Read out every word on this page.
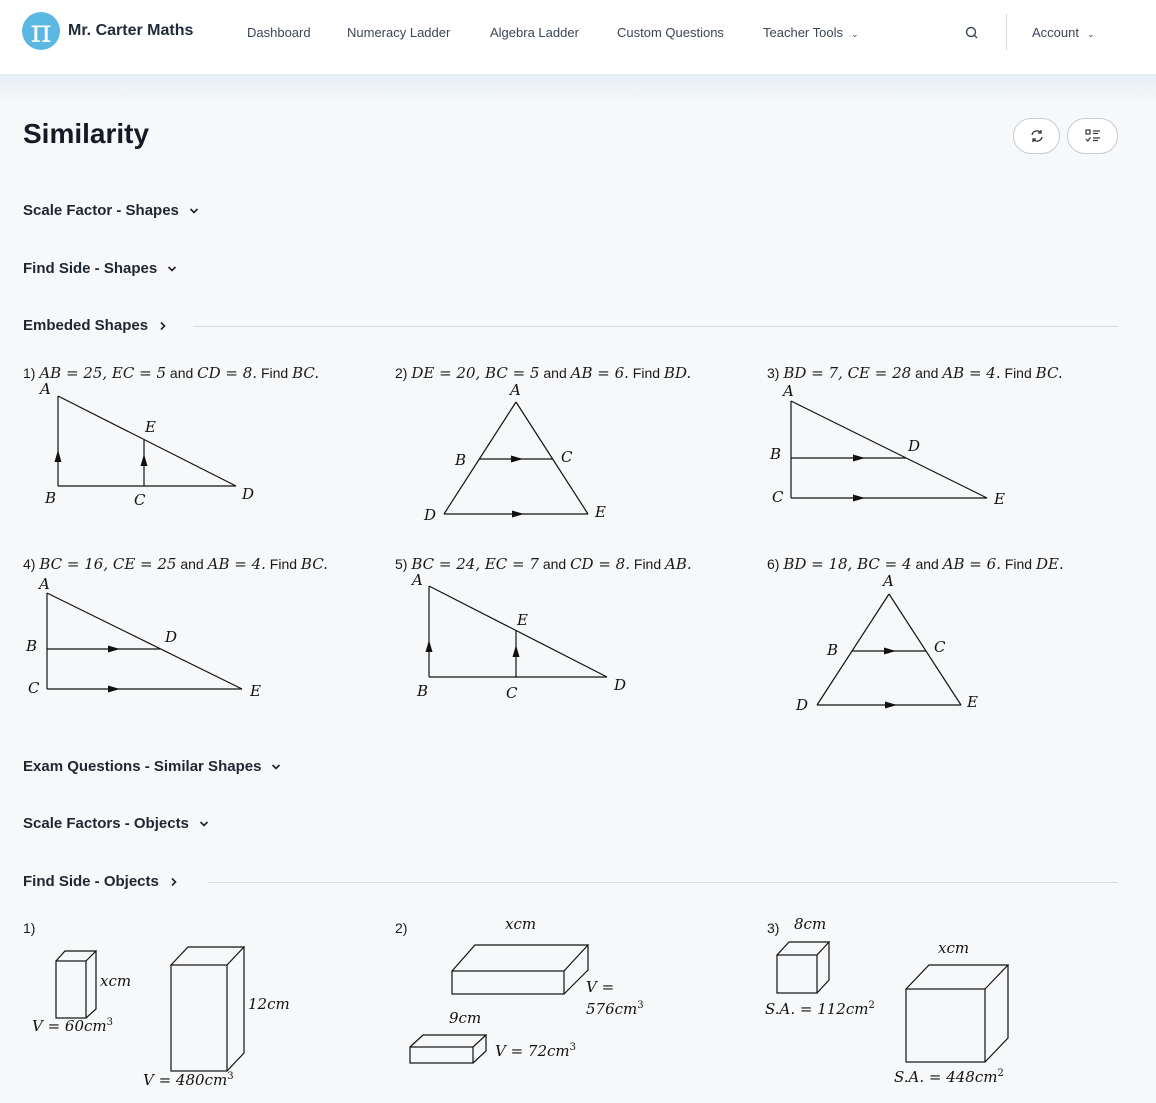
π	Mr. Carter Maths	Dashboard	Numeracy Ladder	Algebra Ladder	Custom Questions	Teacher Tools ⌄	Account ⌄
Similarity
Scale Factor - Shapes
Find Side - Shapes
Embeded Shapes
1) AB = 25, EC = 5 and CD = 8. Find BC.	2) DE = 20, BC = 5 and AB = 6. Find BD.	3) BD = 7, CE = 28 and AB = 4. Find BC.
4) BC = 16, CE = 25 and AB = 4. Find BC.	5) BC = 24, EC = 7 and CD = 8. Find AB.	6) BD = 18, BC = 4 and AB = 6. Find DE.
A
E
B	C	D
A
B	C
D	E
A
B	D
C	E
A
B	D
C	E
A
E
B	C	D
A
B	C
D	E
Exam Questions - Similar Shapes
Scale Factors - Objects
Find Side - Objects
1)	2)	3)
xcm
$V = 60cm^3$
12cm
$V = 480cm^3$
xcm
V =
$576cm^3$
9cm
$V = 72cm^3$
8cm
S.A. = $112cm^2$
xcm
S.A. = $448cm^2$
